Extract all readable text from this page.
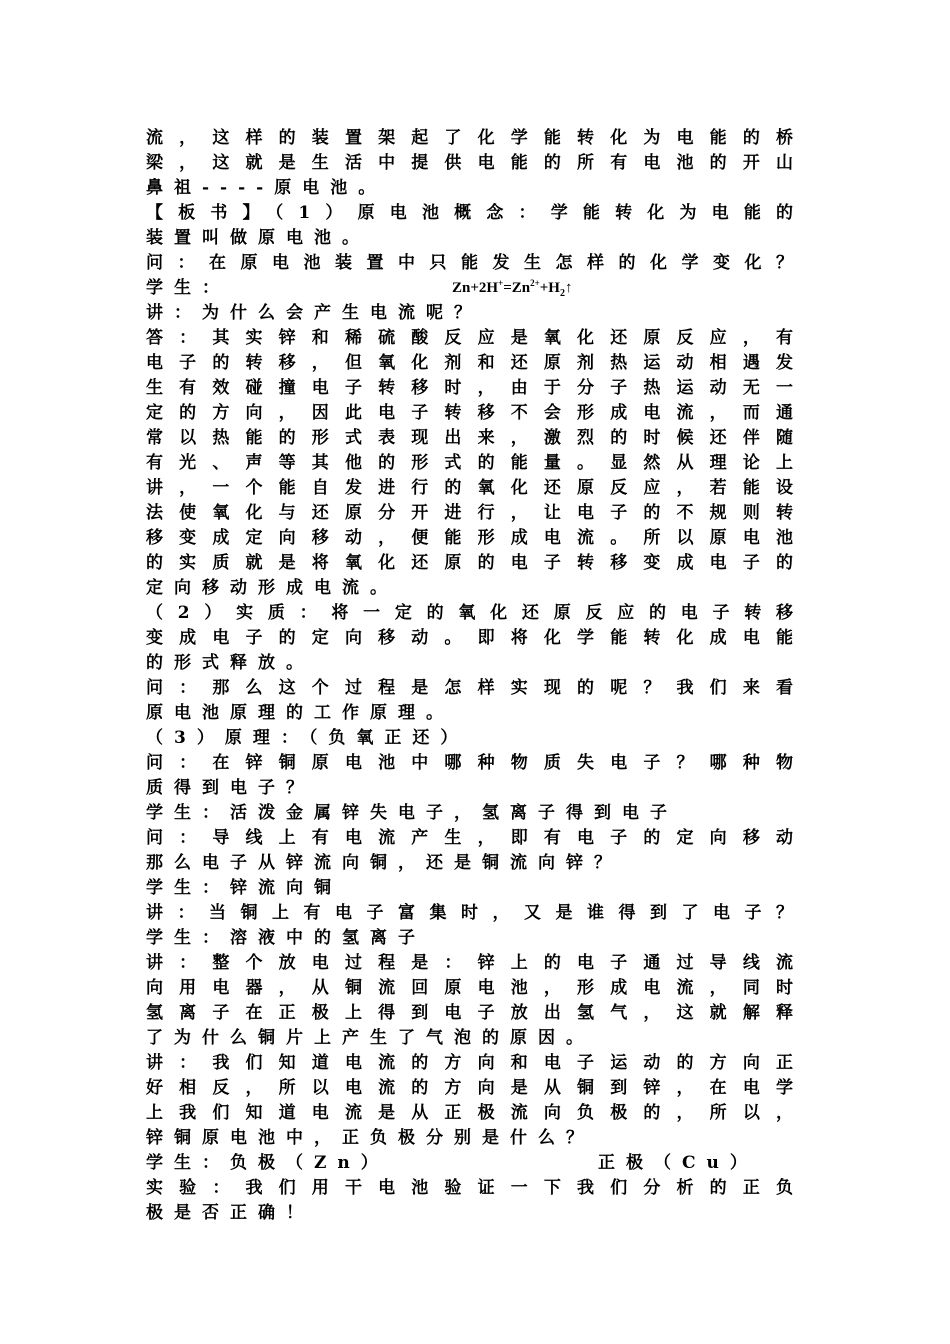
流，这样的装置架起了化学能转化为电能的桥
梁，这就是生活中提供电能的所有电池的开山
鼻祖----原电池。
【板书】（1）原电池概念：学能转化为电能的
装置叫做原电池。
问：在原电池装置中只能发生怎样的化学变化？
学生：	$Zn+2H^+=Zn^{2+}+H_2↑$
讲：为什么会产生电流呢？
答：其实锌和稀硫酸反应是氧化还原反应，有
电子的转移，但氧化剂和还原剂热运动相遇发
生有效碰撞电子转移时，由于分子热运动无一
定的方向，因此电子转移不会形成电流，而通
常以热能的形式表现出来，激烈的时候还伴随
有光、声等其他的形式的能量。显然从理论上
讲，一个能自发进行的氧化还原反应，若能设
法使氧化与还原分开进行，让电子的不规则转
移变成定向移动，便能形成电流。所以原电池
的实质就是将氧化还原的电子转移变成电子的
定向移动形成电流。
（2）实质：将一定的氧化还原反应的电子转移
变成电子的定向移动。即将化学能转化成电能
的形式释放。
问：那么这个过程是怎样实现的呢？我们来看
原电池原理的工作原理。
（3）原理：（负氧正还）
问：在锌铜原电池中哪种物质失电子？哪种物
质得到电子？
学生：活泼金属锌失电子，氢离子得到电子
问：导线上有电流产生，即有电子的定向移动
那么电子从锌流向铜，还是铜流向锌？
学生：锌流向铜
讲：当铜上有电子富集时，又是谁得到了电子？
学生：溶液中的氢离子
讲：整个放电过程是：锌上的电子通过导线流
向用电器，从铜流回原电池，形成电流，同时
氢离子在正极上得到电子放出氢气，这就解释
了为什么铜片上产生了气泡的原因。
讲：我们知道电流的方向和电子运动的方向正
好相反，所以电流的方向是从铜到锌，在电学
上我们知道电流是从正极流向负极的，所以，
锌铜原电池中，正负极分别是什么？
学生：负极（Zn）	正极（Cu）
实验：我们用干电池验证一下我们分析的正负
极是否正确！
